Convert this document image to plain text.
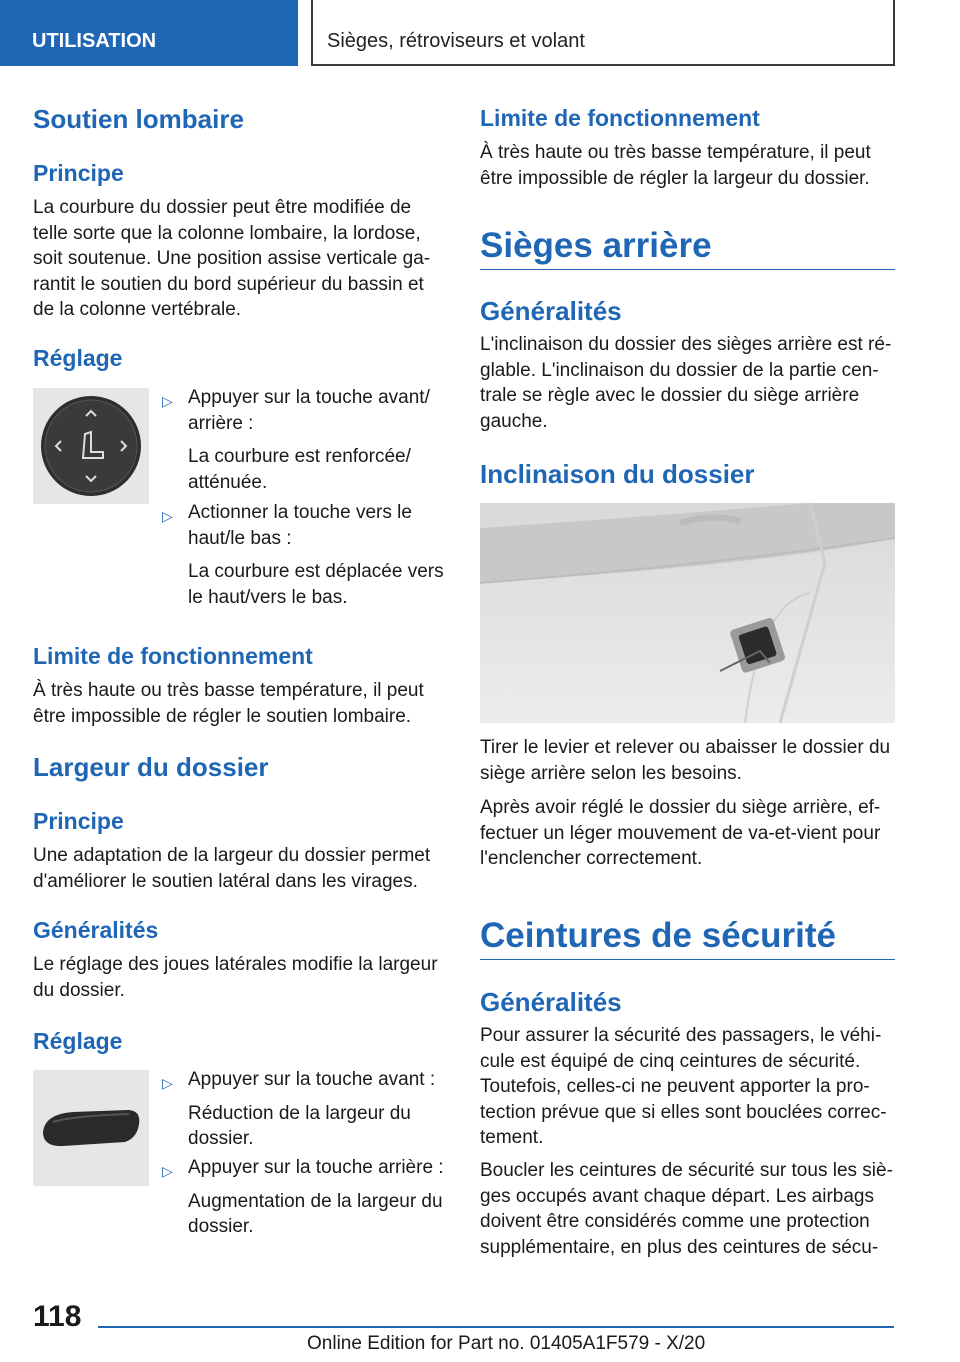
UTILISATION	Sièges, rétroviseurs et volant
Soutien lombaire
Principe

La courbure du dossier peut être modifiée de

telle sorte que la colonne lombaire, la lordose,

soit soutenue. Une position assise verticale ga-

rantit le soutien du bord supérieur du bassin et

de la colonne vertébrale.

Réglage
▷ Appuyer sur la touche avant/

arrière :

La courbure est renforcée/

atténuée.

▷ Actionner la touche vers le

haut/le bas :

La courbure est déplacée vers

le haut/vers le bas.

Limite de fonctionnement

À très haute ou très basse température, il peut

être impossible de régler le soutien lombaire.

Largeur du dossier
Principe

Une adaptation de la largeur du dossier permet

d'améliorer le soutien latéral dans les virages.

Généralités

Le réglage des joues latérales modifie la largeur

du dossier.

Réglage
▷ Appuyer sur la touche avant :

Réduction de la largeur du

dossier.

▷ Appuyer sur la touche arrière :

Augmentation de la largeur du

dossier.

Limite de fonctionnement

À très haute ou très basse température, il peut

être impossible de régler la largeur du dossier.

Sièges arrière
Généralités

L'inclinaison du dossier des sièges arrière est ré-

glable. L'inclinaison du dossier de la partie cen-

trale se règle avec le dossier du siège arrière

gauche.

Inclinaison du dossier

Tirer le levier et relever ou abaisser le dossier du

siège arrière selon les besoins.

Après avoir réglé le dossier du siège arrière, ef-

fectuer un léger mouvement de va-et-vient pour

l'enclencher correctement.

Ceintures de sécurité
Généralités

Pour assurer la sécurité des passagers, le véhi-

cule est équipé de cinq ceintures de sécurité.

Toutefois, celles-ci ne peuvent apporter la pro-

tection prévue que si elles sont bouclées correc-

tement.

Boucler les ceintures de sécurité sur tous les siè-

ges occupés avant chaque départ. Les airbags

doivent être considérés comme une protection

supplémentaire, en plus des ceintures de sécu-

118
Online Edition for Part no. 01405A1F579 - X/20
